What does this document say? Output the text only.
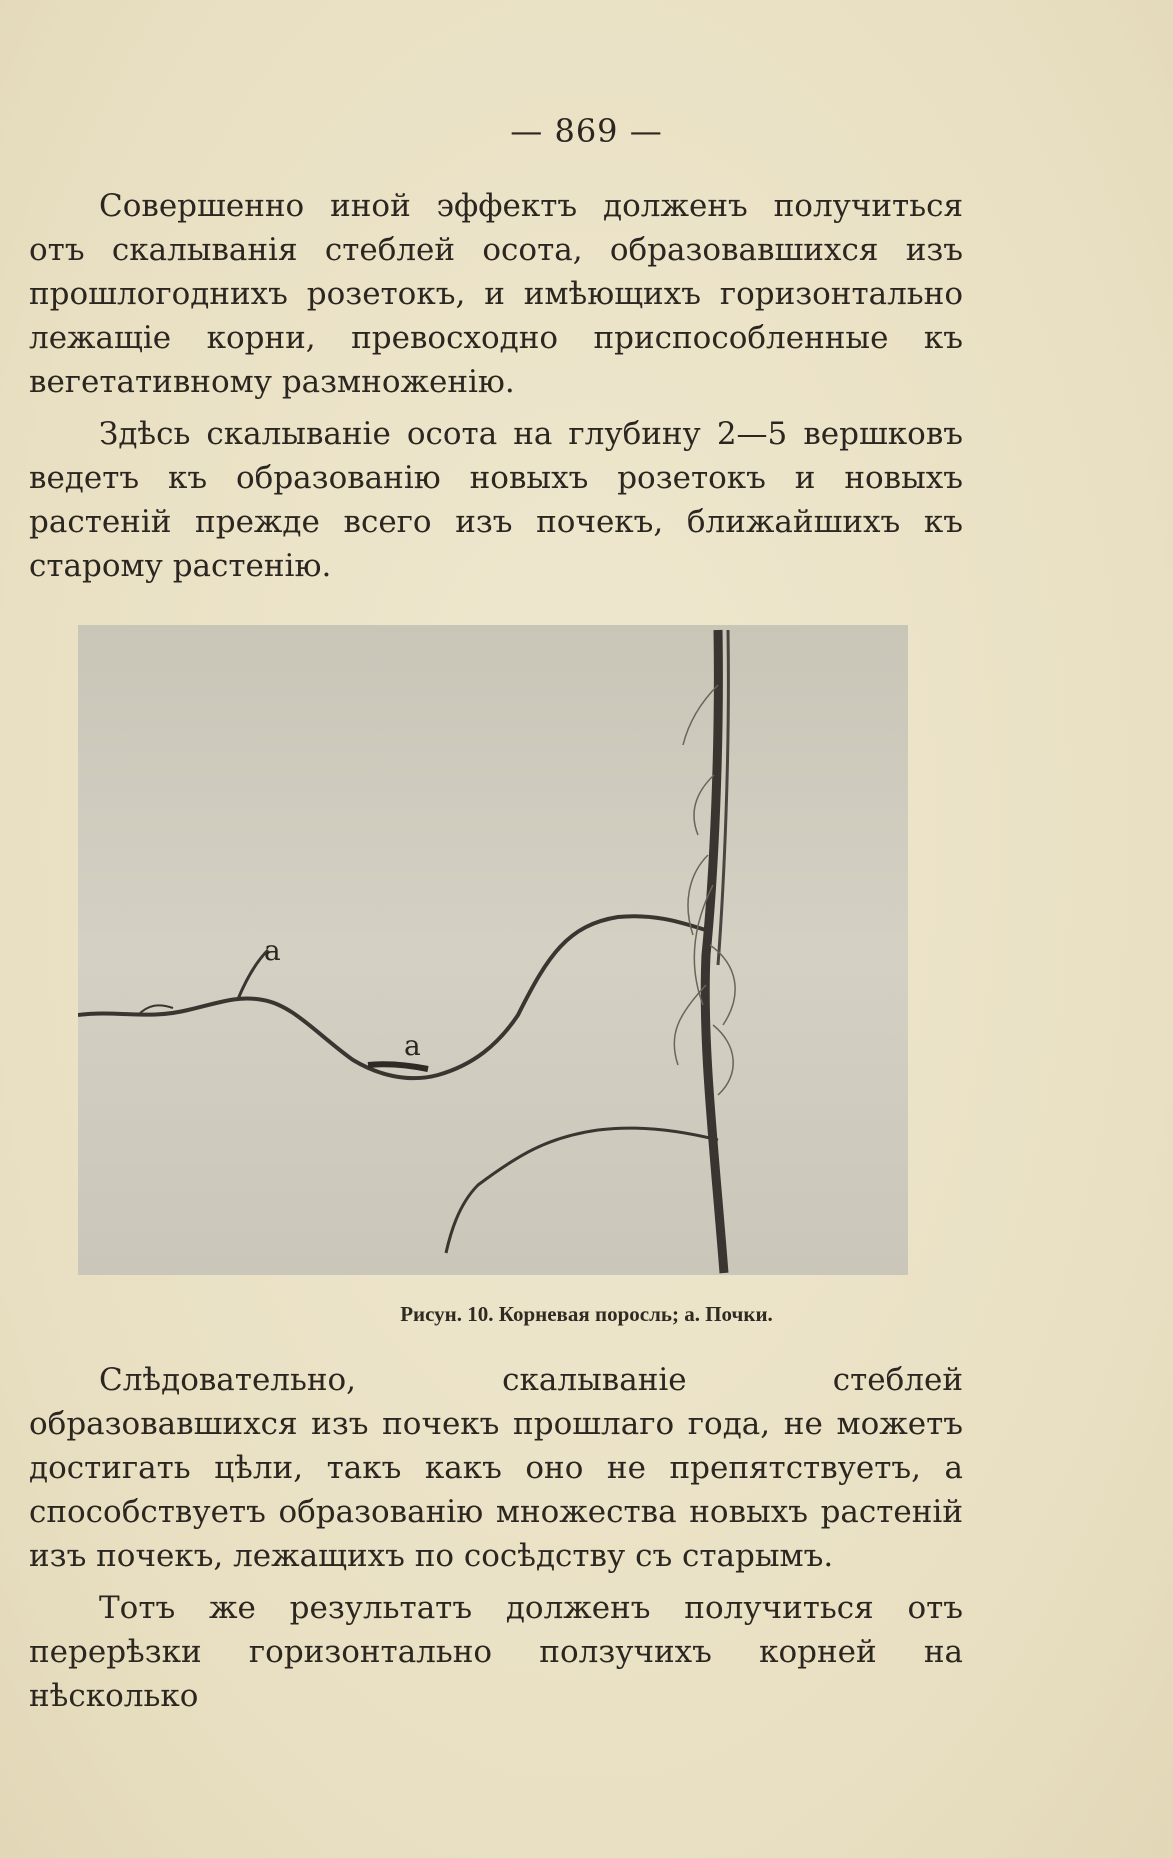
— 869 —

Совершенно иной эффектъ долженъ получиться отъ скалыванія стеблей осота, образовавшихся изъ прошлогоднихъ розетокъ, и имѣющихъ горизонтально лежащіе корни, превосходно приспособленные къ вегетативному размноженію.

Здѣсь скалываніе осота на глубину 2—5 вершковъ ведетъ къ образованію новыхъ розетокъ и новыхъ растеній прежде всего изъ почекъ, ближайшихъ къ старому растенію.

a
a
Рисун. 10. Корневая поросль; а. Почки.

Слѣдовательно, скалываніе стеблей образовавшихся изъ почекъ прошлаго года, не можетъ достигать цѣли, такъ какъ оно не препятствуетъ, а способствуетъ образованію множества новыхъ растеній изъ почекъ, лежащихъ по сосѣдству съ старымъ.

Тотъ же результатъ долженъ получиться отъ перерѣзки горизонтально ползучихъ корней на нѣсколько
